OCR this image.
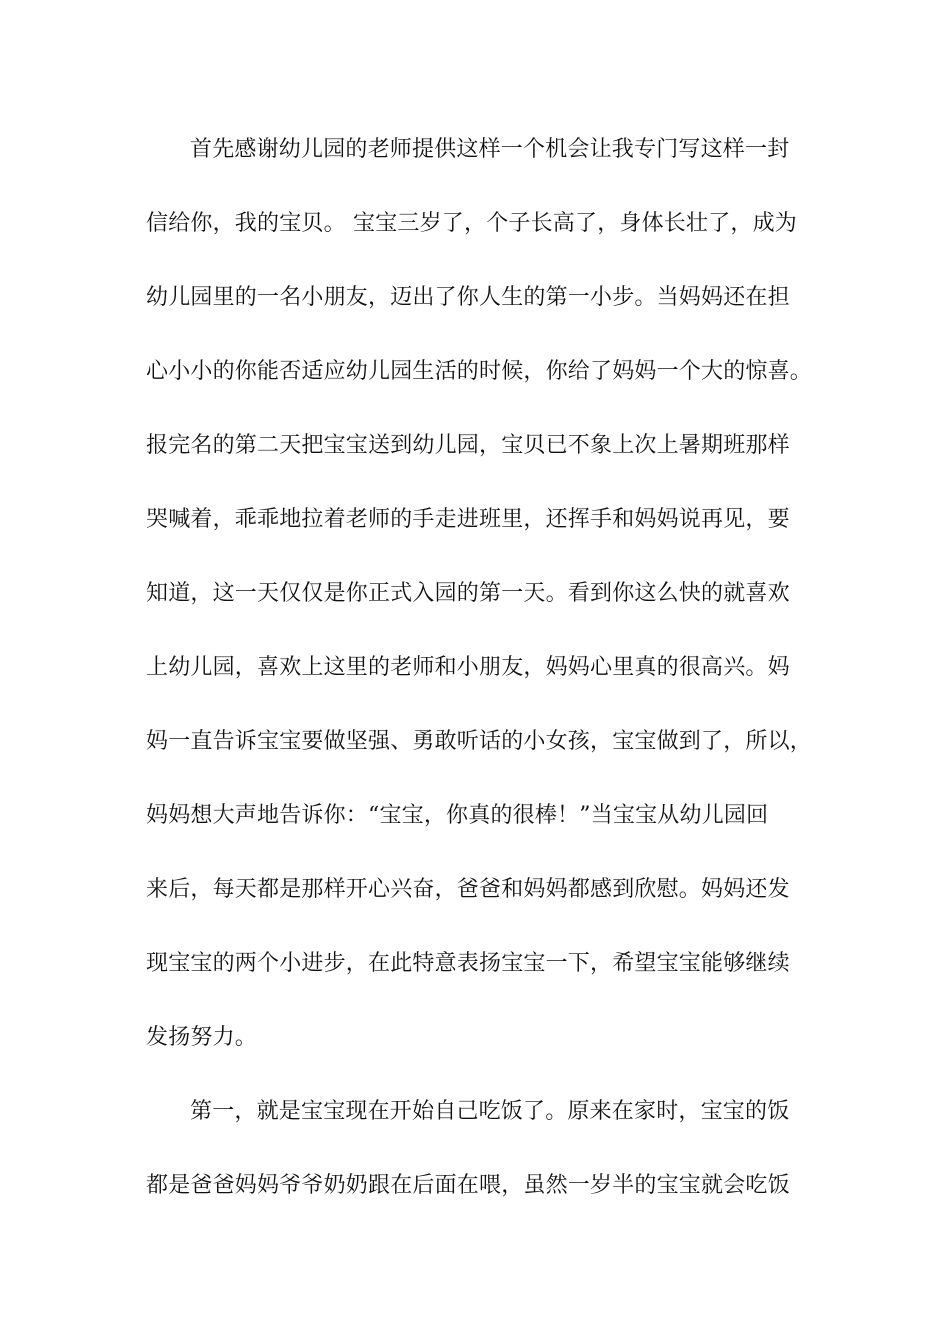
首先感谢幼儿园的老师提供这样一个机会让我专门写这样一封
信给你，我的宝贝。 宝宝三岁了，个子长高了，身体长壮了，成为
幼儿园里的一名小朋友，迈出了你人生的第一小步。当妈妈还在担
心小小的你能否适应幼儿园生活的时候，你给了妈妈一个大的惊喜。
报完名的第二天把宝宝送到幼儿园，宝贝已不象上次上暑期班那样
哭喊着，乖乖地拉着老师的手走进班里，还挥手和妈妈说再见，要
知道，这一天仅仅是你正式入园的第一天。看到你这么快的就喜欢
上幼儿园，喜欢上这里的老师和小朋友，妈妈心里真的很高兴。妈
妈一直告诉宝宝要做坚强、勇敢听话的小女孩，宝宝做到了，所以，
妈妈想大声地告诉你：“宝宝，你真的很棒！”当宝宝从幼儿园回
来后，每天都是那样开心兴奋，爸爸和妈妈都感到欣慰。妈妈还发
现宝宝的两个小进步，在此特意表扬宝宝一下，希望宝宝能够继续
发扬努力。
第一，就是宝宝现在开始自己吃饭了。原来在家时，宝宝的饭
都是爸爸妈妈爷爷奶奶跟在后面在喂，虽然一岁半的宝宝就会吃饭
